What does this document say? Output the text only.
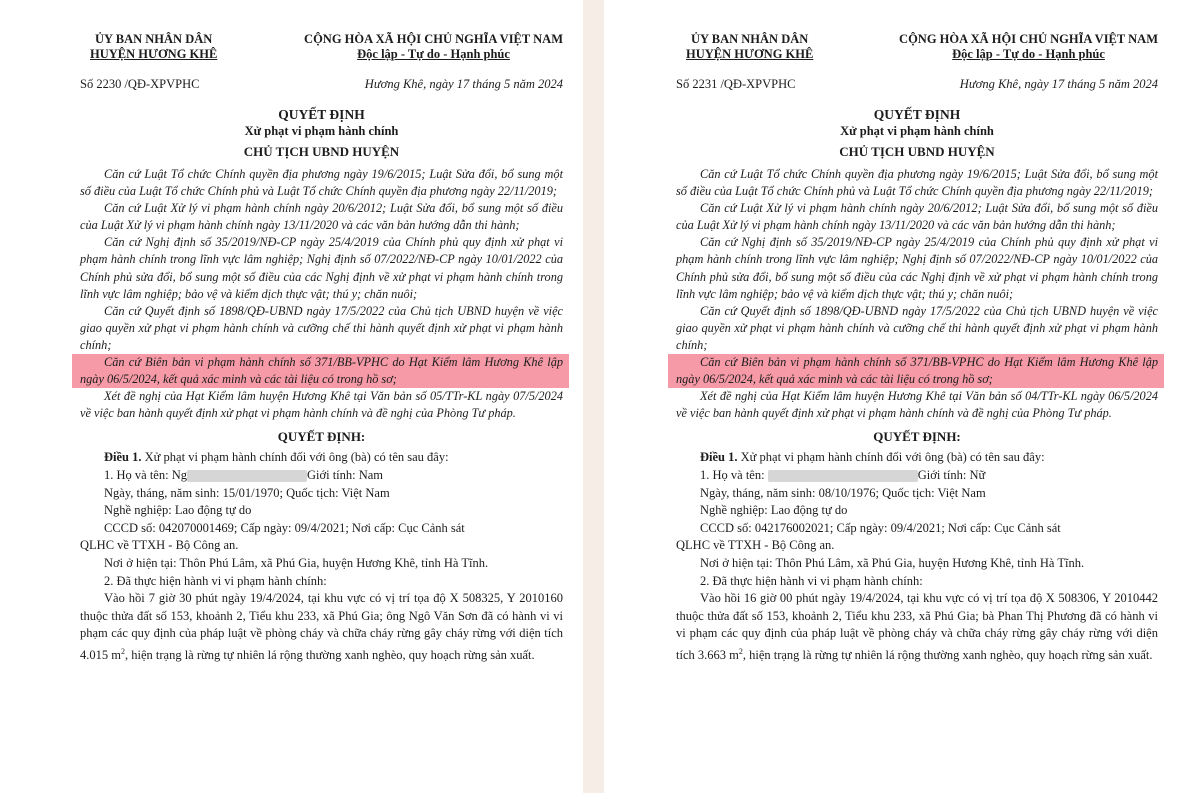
ỦY BAN NHÂN DÂN
HUYỆN HƯƠNG KHÊ
CỘNG HÒA XÃ HỘI CHỦ NGHĨA VIỆT NAM
Độc lập - Tự do - Hạnh phúc
Số 2230 /QĐ-XPVPHC	Hương Khê, ngày 17 tháng 5 năm 2024
QUYẾT ĐỊNH
Xử phạt vi phạm hành chính
CHỦ TỊCH UBND HUYỆN
Căn cứ Luật Tổ chức Chính quyền địa phương ngày 19/6/2015; Luật Sửa đổi, bổ sung một số điều của Luật Tổ chức Chính phủ và Luật Tổ chức Chính quyền địa phương ngày 22/11/2019;
Căn cứ Luật Xử lý vi phạm hành chính ngày 20/6/2012; Luật Sửa đổi, bổ sung một số điều của Luật Xử lý vi phạm hành chính ngày 13/11/2020 và các văn bản hướng dẫn thi hành;
Căn cứ Nghị định số 35/2019/NĐ-CP ngày 25/4/2019 của Chính phủ quy định xử phạt vi phạm hành chính trong lĩnh vực lâm nghiệp; Nghị định số 07/2022/NĐ-CP ngày 10/01/2022 của Chính phủ sửa đổi, bổ sung một số điều của các Nghị định về xử phạt vi phạm hành chính trong lĩnh vực lâm nghiệp; bảo vệ và kiểm dịch thực vật; thú y; chăn nuôi;
Căn cứ Quyết định số 1898/QĐ-UBND ngày 17/5/2022 của Chủ tịch UBND huyện về việc giao quyền xử phạt vi phạm hành chính và cưỡng chế thi hành quyết định xử phạt vi phạm hành chính;
Căn cứ Biên bản vi phạm hành chính số 371/BB-VPHC do Hạt Kiểm lâm Hương Khê lập ngày 06/5/2024, kết quả xác minh và các tài liệu có trong hồ sơ;
Xét đề nghị của Hạt Kiểm lâm huyện Hương Khê tại Văn bản số 05/TTr-KL ngày 07/5/2024 về việc ban hành quyết định xử phạt vi phạm hành chính và đề nghị của Phòng Tư pháp.
QUYẾT ĐỊNH:
Điều 1. Xử phạt vi phạm hành chính đối với ông (bà) có tên sau đây:
1. Họ và tên: Ng	Giới tính: Nam
Ngày, tháng, năm sinh: 15/01/1970; Quốc tịch: Việt Nam
Nghề nghiệp: Lao động tự do
CCCD số: 042070001469; Cấp ngày: 09/4/2021; Nơi cấp: Cục Cảnh sát
QLHC về TTXH - Bộ Công an.
Nơi ở hiện tại: Thôn Phú Lâm, xã Phú Gia, huyện Hương Khê, tỉnh Hà Tĩnh.
2. Đã thực hiện hành vi vi phạm hành chính:
Vào hồi 7 giờ 30 phút ngày 19/4/2024, tại khu vực có vị trí tọa độ X 508325, Y 2010160 thuộc thửa đất số 153, khoảnh 2, Tiểu khu 233, xã Phú Gia; ông Ngô Văn Sơn đã có hành vi vi phạm các quy định của pháp luật về phòng cháy và chữa cháy rừng gây cháy rừng với diện tích 4.015 $m^2$, hiện trạng là rừng tự nhiên lá rộng thường xanh nghèo, quy hoạch rừng sản xuất.
ỦY BAN NHÂN DÂN
HUYỆN HƯƠNG KHÊ
CỘNG HÒA XÃ HỘI CHỦ NGHĨA VIỆT NAM
Độc lập - Tự do - Hạnh phúc
Số 2231 /QĐ-XPVPHC	Hương Khê, ngày 17 tháng 5 năm 2024
QUYẾT ĐỊNH
Xử phạt vi phạm hành chính
CHỦ TỊCH UBND HUYỆN
Căn cứ Luật Tổ chức Chính quyền địa phương ngày 19/6/2015; Luật Sửa đổi, bổ sung một số điều của Luật Tổ chức Chính phủ và Luật Tổ chức Chính quyền địa phương ngày 22/11/2019;
Căn cứ Luật Xử lý vi phạm hành chính ngày 20/6/2012; Luật Sửa đổi, bổ sung một số điều của Luật Xử lý vi phạm hành chính ngày 13/11/2020 và các văn bản hướng dẫn thi hành;
Căn cứ Nghị định số 35/2019/NĐ-CP ngày 25/4/2019 của Chính phủ quy định xử phạt vi phạm hành chính trong lĩnh vực lâm nghiệp; Nghị định số 07/2022/NĐ-CP ngày 10/01/2022 của Chính phủ sửa đổi, bổ sung một số điều của các Nghị định về xử phạt vi phạm hành chính trong lĩnh vực lâm nghiệp; bảo vệ và kiểm dịch thực vật; thú y; chăn nuôi;
Căn cứ Quyết định số 1898/QĐ-UBND ngày 17/5/2022 của Chủ tịch UBND huyện về việc giao quyền xử phạt vi phạm hành chính và cưỡng chế thi hành quyết định xử phạt vi phạm hành chính;
Căn cứ Biên bản vi phạm hành chính số 371/BB-VPHC do Hạt Kiểm lâm Hương Khê lập ngày 06/5/2024, kết quả xác minh và các tài liệu có trong hồ sơ;
Xét đề nghị của Hạt Kiểm lâm huyện Hương Khê tại Văn bản số 04/TTr-KL ngày 06/5/2024 về việc ban hành quyết định xử phạt vi phạm hành chính và đề nghị của Phòng Tư pháp.
QUYẾT ĐỊNH:
Điều 1. Xử phạt vi phạm hành chính đối với ông (bà) có tên sau đây:
1. Họ và tên:	Giới tính: Nữ
Ngày, tháng, năm sinh: 08/10/1976; Quốc tịch: Việt Nam
Nghề nghiệp: Lao động tự do
CCCD số: 042176002021; Cấp ngày: 09/4/2021; Nơi cấp: Cục Cảnh sát
QLHC về TTXH - Bộ Công an.
Nơi ở hiện tại: Thôn Phú Lâm, xã Phú Gia, huyện Hương Khê, tỉnh Hà Tĩnh.
2. Đã thực hiện hành vi vi phạm hành chính:
Vào hồi 16 giờ 00 phút ngày 19/4/2024, tại khu vực có vị trí tọa độ X 508306, Y 2010442 thuộc thửa đất số 153, khoảnh 2, Tiểu khu 233, xã Phú Gia; bà Phan Thị Phương đã có hành vi vi phạm các quy định của pháp luật về phòng cháy và chữa cháy rừng gây cháy rừng với diện tích 3.663 $m^2$, hiện trạng là rừng tự nhiên lá rộng thường xanh nghèo, quy hoạch rừng sản xuất.
